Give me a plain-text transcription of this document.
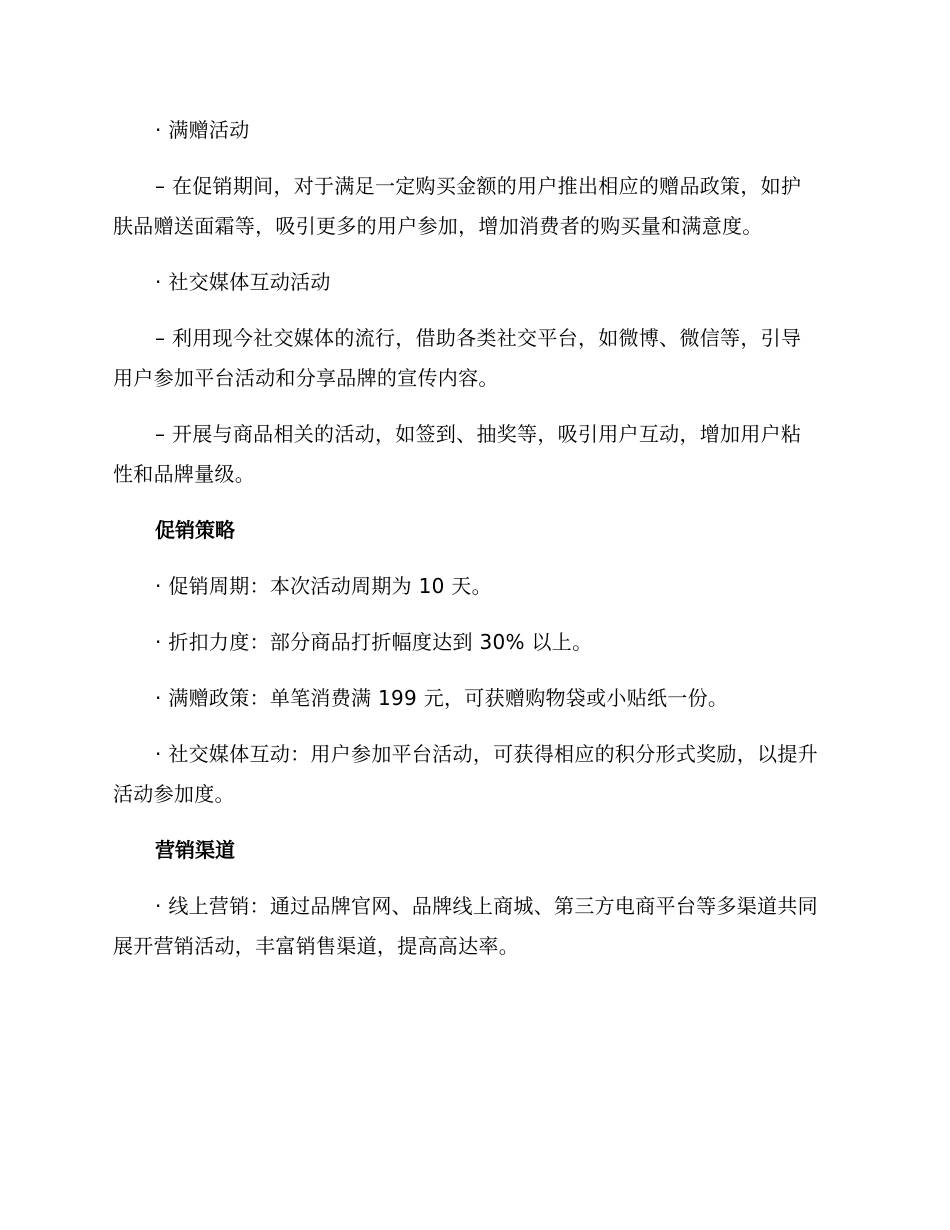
· 满赠活动

– 在促销期间，对于满足一定购买金额的用户推出相应的赠品政策，如护肤品赠送面霜等，吸引更多的用户参加，增加消费者的购买量和满意度。

· 社交媒体互动活动

– 利用现今社交媒体的流行，借助各类社交平台，如微博、微信等，引导用户参加平台活动和分享品牌的宣传内容。

– 开展与商品相关的活动，如签到、抽奖等，吸引用户互动，增加用户粘性和品牌量级。

促销策略

· 促销周期：本次活动周期为 10 天。

· 折扣力度：部分商品打折幅度达到 30% 以上。

· 满赠政策：单笔消费满 199 元，可获赠购物袋或小贴纸一份。

· 社交媒体互动：用户参加平台活动，可获得相应的积分形式奖励，以提升活动参加度。

营销渠道

· 线上营销：通过品牌官网、品牌线上商城、第三方电商平台等多渠道共同展开营销活动，丰富销售渠道，提高高达率。
